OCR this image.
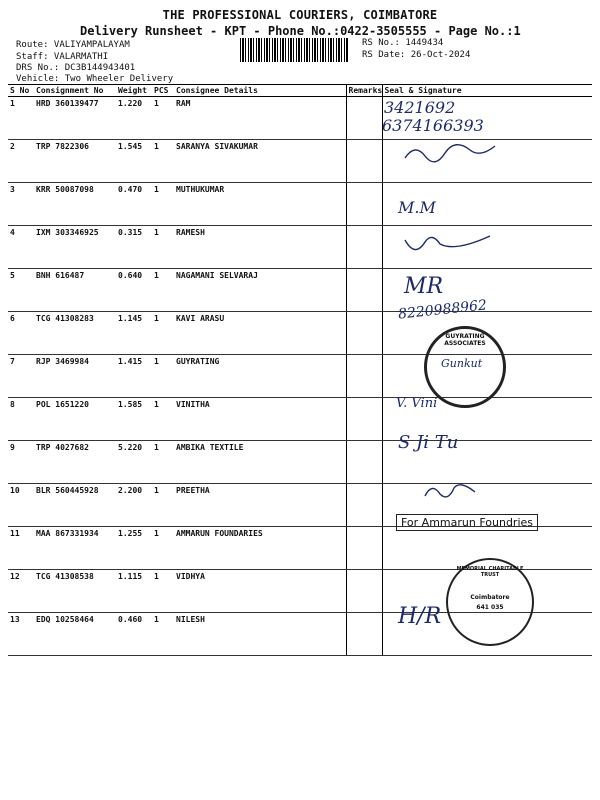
THE PROFESSIONAL COURIERS, COIMBATORE
Delivery Runsheet - KPT - Phone No.:0422-3505555 - Page No.:1
Route: VALIYAMPALAYAM
Staff: VALARMATHI
DRS No.: DC3B144943401
Vehicle: Two Wheeler Delivery
RS No.: 1449434
RS Date: 26-Oct-2024
S No	Consignment No	Weight	PCS	Consignee Details	Remarks	Seal & Signature
1	HRD 360139477	1.220	1	RAM		
2	TRP 7822306	1.545	1	SARANYA SIVAKUMAR		
3	KRR 50087098	0.470	1	MUTHUKUMAR		
4	IXM 303346925	0.315	1	RAMESH		
5	BNH 616487	0.640	1	NAGAMANI SELVARAJ		
6	TCG 41308283	1.145	1	KAVI ARASU		
7	RJP 3469984	1.415	1	GUYRATING		
8	POL 1651220	1.585	1	VINITHA		
9	TRP 4027682	5.220	1	AMBIKA TEXTILE		
10	BLR 560445928	2.200	1	PREETHA		
11	MAA 867331934	1.255	1	AMMARUN FOUNDARIES		
12	TCG 41308538	1.115	1	VIDHYA		
13	EDQ 10258464	0.460	1	NILESH		
3421692
6374166393
M.M
MR
8220988962
V. Vini
S Ji Tu
H/R
GUYRATING ASSOCIATES
Gunkut
For Ammarun Foundries
MEMORIAL CHARITABLE TRUST
Coimbatore
641 035
